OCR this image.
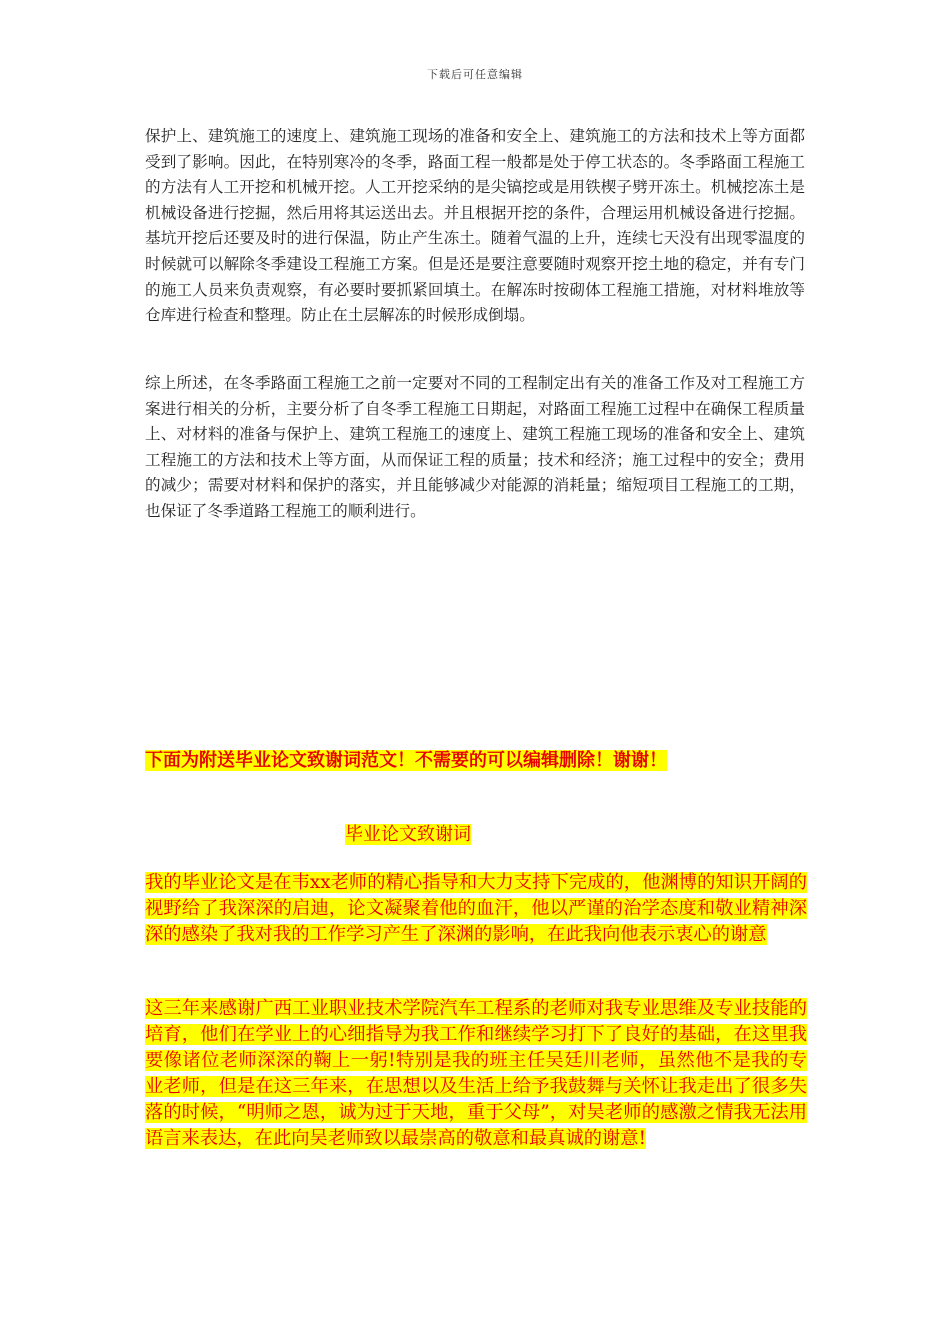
下载后可任意编辑

保护上、建筑施工的速度上、建筑施工现场的准备和安全上、建筑施工的方法和技术上等方面都受到了影响。因此，在特别寒冷的冬季，路面工程一般都是处于停工状态的。冬季路面工程施工的方法有人工开挖和机械开挖。人工开挖采纳的是尖镐挖或是用铁楔子劈开冻土。机械挖冻土是机械设备进行挖掘，然后用将其运送出去。并且根据开挖的条件，合理运用机械设备进行挖掘。基坑开挖后还要及时的进行保温，防止产生冻土。随着气温的上升，连续七天没有出现零温度的时候就可以解除冬季建设工程施工方案。但是还是要注意要随时观察开挖土地的稳定，并有专门的施工人员来负责观察，有必要时要抓紧回填土。在解冻时按砌体工程施工措施，对材料堆放等仓库进行检查和整理。防止在土层解冻的时候形成倒塌。

综上所述，在冬季路面工程施工之前一定要对不同的工程制定出有关的准备工作及对工程施工方案进行相关的分析，主要分析了自冬季工程施工日期起，对路面工程施工过程中在确保工程质量上、对材料的准备与保护上、建筑工程施工的速度上、建筑工程施工现场的准备和安全上、建筑工程施工的方法和技术上等方面，从而保证工程的质量；技术和经济；施工过程中的安全；费用的减少；需要对材料和保护的落实，并且能够减少对能源的消耗量；缩短项目工程施工的工期，也保证了冬季道路工程施工的顺利进行。

下面为附送毕业论文致谢词范文！不需要的可以编辑删除！谢谢！
毕业论文致谢词

我的毕业论文是在韦xx老师的精心指导和大力支持下完成的，他渊博的知识开阔的视野给了我深深的启迪，论文凝聚着他的血汗，他以严谨的治学态度和敬业精神深深的感染了我对我的工作学习产生了深渊的影响，在此我向他表示衷心的谢意

这三年来感谢广西工业职业技术学院汽车工程系的老师对我专业思维及专业技能的培育，他们在学业上的心细指导为我工作和继续学习打下了良好的基础，在这里我要像诸位老师深深的鞠上一躬!特别是我的班主任吴廷川老师，虽然他不是我的专业老师，但是在这三年来，在思想以及生活上给予我鼓舞与关怀让我走出了很多失落的时候，“明师之恩，诚为过于天地，重于父母”，对吴老师的感激之情我无法用语言来表达，在此向吴老师致以最崇高的敬意和最真诚的谢意!
